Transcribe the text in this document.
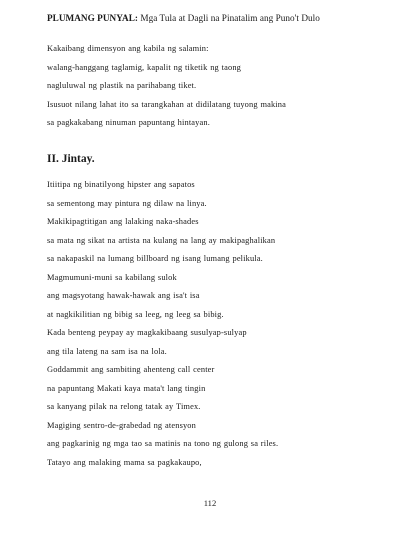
PLUMANG PUNYAL: Mga Tula at Dagli na Pinatalim ang Puno't Dulo
Kakaibang dimensyon ang kabila ng salamin:
walang-hanggang taglamig, kapalit ng tiketik ng taong
nagluluwal ng plastik na parihabang tiket.
Isusuot nilang lahat ito sa tarangkahan at didilatang tuyong makina
sa pagkakabang ninuman papuntang hintayan.
II. Jintay.
Itiitipa ng binatilyong hipster ang sapatos
sa sementong may pintura ng dilaw na linya.
Makikipagtitigan ang lalaking naka-shades
sa mata ng sikat na artista na kulang na lang ay makipaghalikan
sa nakapaskil na lumang billboard ng isang lumang pelikula.
Magmumuni-muni sa kabilang sulok
ang magsyotang hawak-hawak ang isa't isa
at nagkikilitian ng bibig sa leeg, ng leeg sa bibig.
Kada benteng peypay ay magkakibaang susulyap-sulyap
ang tila lateng na sam isa na lola.
Goddammit ang sambiting ahenteng call center
na papuntang Makati kaya mata't lang tingin
sa kanyang pilak na relong tatak ay Timex.
Magiging sentro-de-grabedad ng atensyon
ang pagkarinig ng mga tao sa matinis na tono ng gulong sa riles.
Tatayo ang malaking mama sa pagkakaupo,
112
